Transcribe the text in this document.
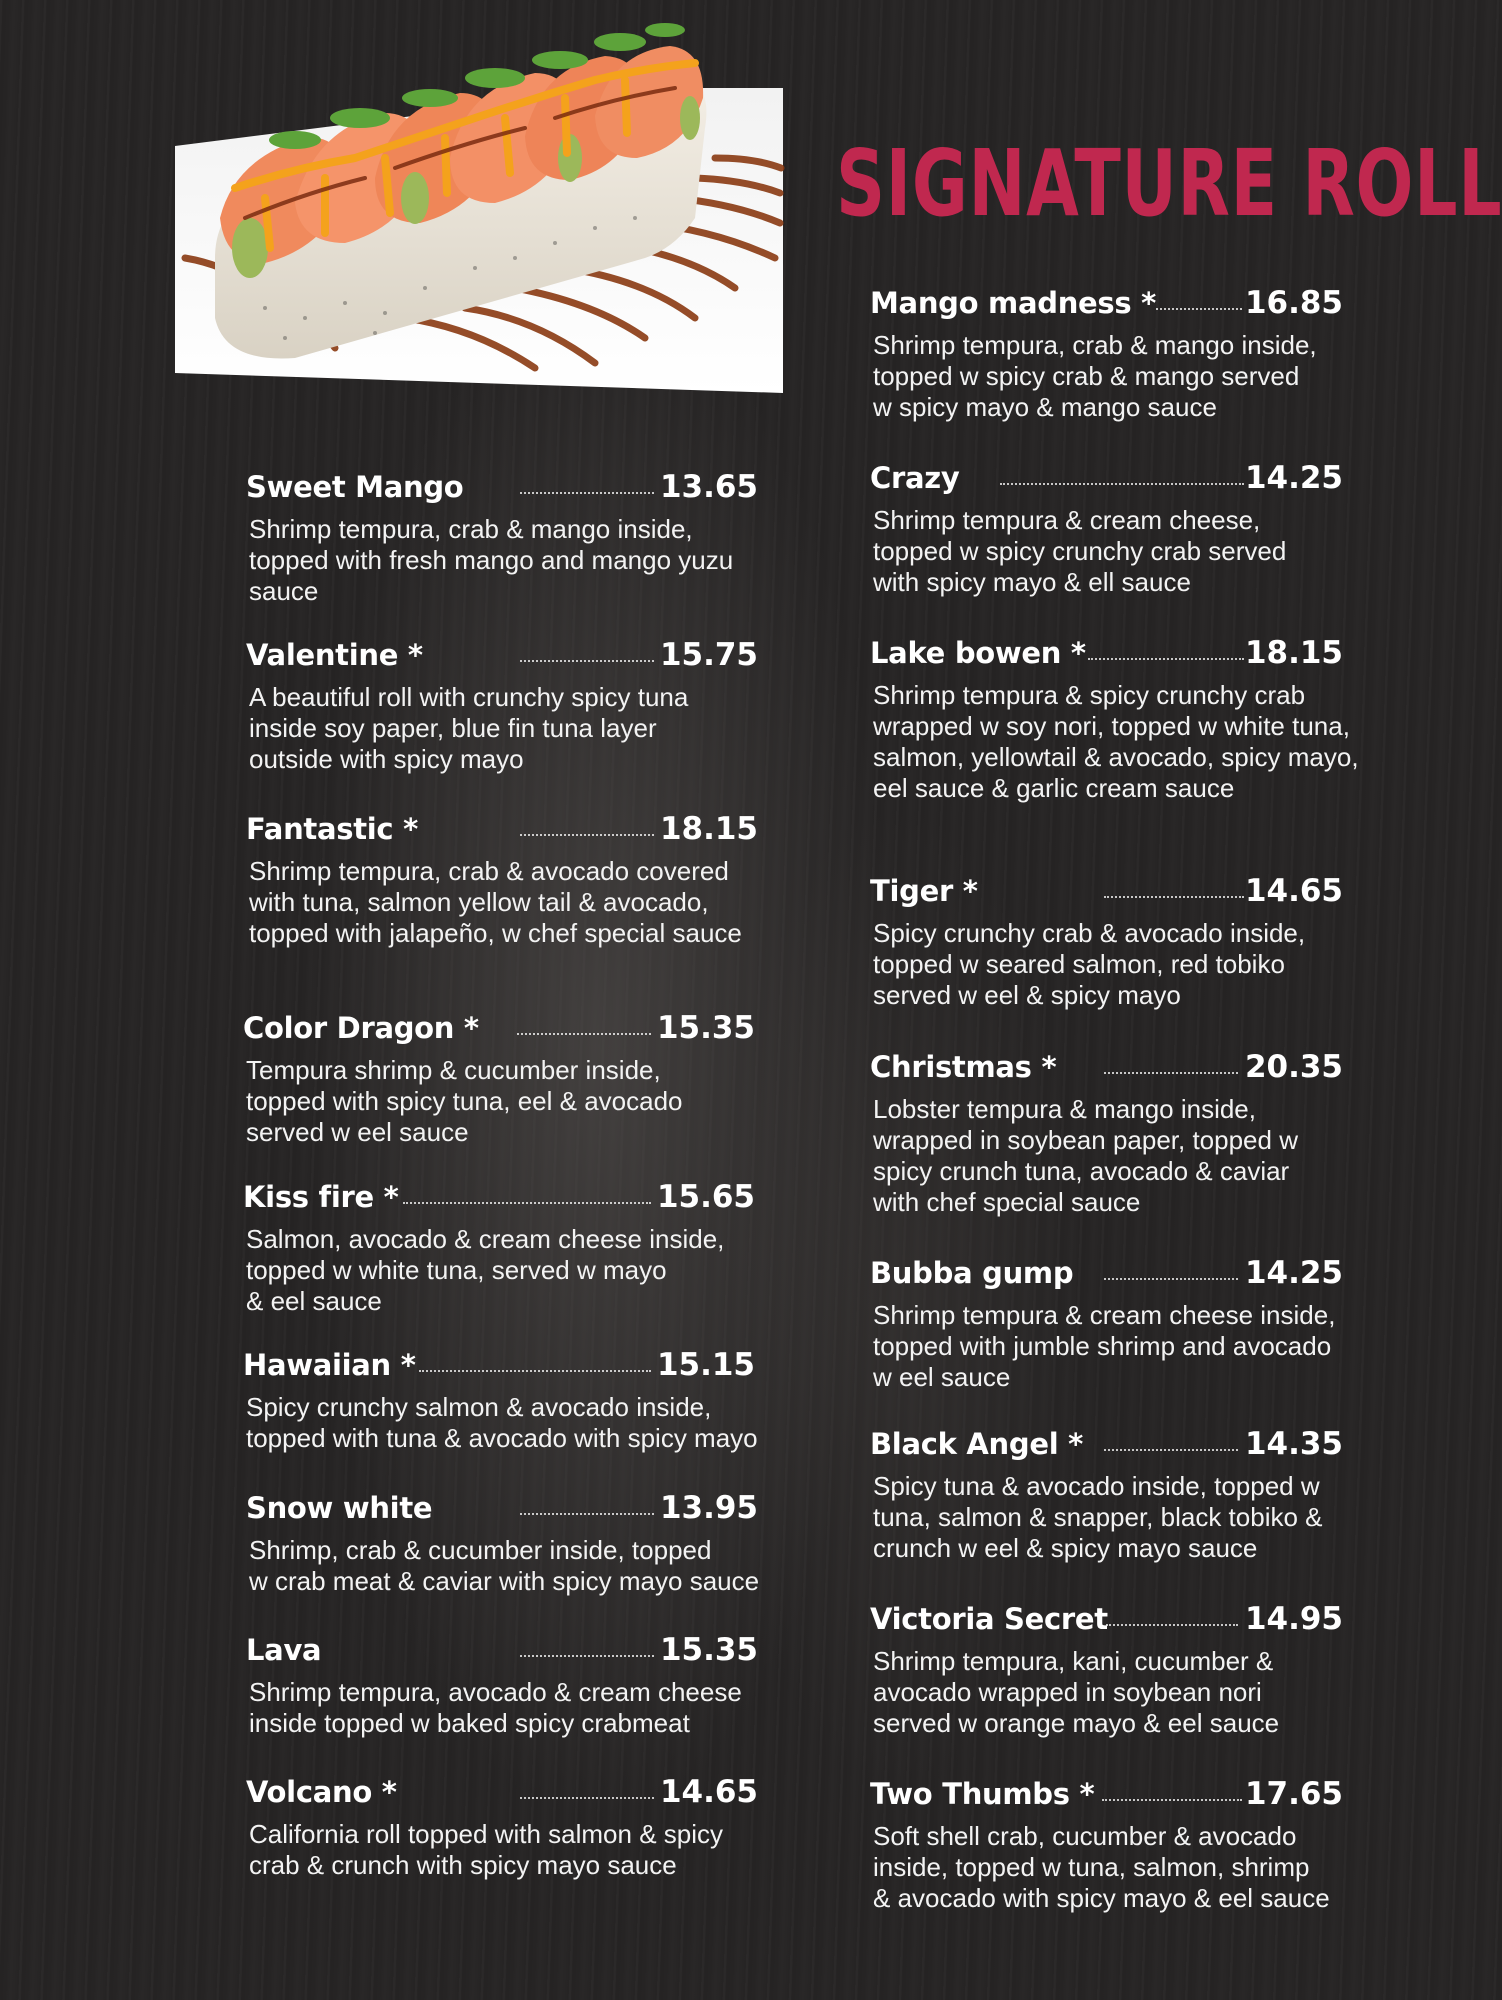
SIGNATURE ROLL
Sweet Mango	13.65
Shrimp tempura, crab & mango inside,
topped with fresh mango and mango yuzu
sauce
Valentine *	15.75
A beautiful roll with crunchy spicy tuna
inside soy paper, blue fin tuna layer
outside with spicy mayo
Fantastic *	18.15
Shrimp tempura, crab & avocado covered
with tuna, salmon yellow tail & avocado,
topped with jalapeño, w chef special sauce
Color Dragon *	15.35
Tempura shrimp & cucumber inside,
topped with spicy tuna, eel & avocado
served w eel sauce
Kiss fire *	15.65
Salmon, avocado & cream cheese inside,
topped w white tuna, served w mayo
& eel sauce
Hawaiian *	15.15
Spicy crunchy salmon & avocado inside,
topped with tuna & avocado with spicy mayo
Snow white	13.95
Shrimp, crab & cucumber inside, topped
w crab meat & caviar with spicy mayo sauce
Lava	15.35
Shrimp tempura, avocado & cream cheese
inside topped w baked spicy crabmeat
Volcano *	14.65
California roll topped with salmon & spicy
crab & crunch with spicy mayo sauce
Mango madness *	16.85
Shrimp tempura, crab & mango inside,
topped w spicy crab & mango served
w spicy mayo & mango sauce
Crazy	14.25
Shrimp tempura & cream cheese,
topped w spicy crunchy crab served
with spicy mayo & ell sauce
Lake bowen *	18.15
Shrimp tempura & spicy crunchy crab
wrapped w soy nori, topped w white tuna,
salmon, yellowtail & avocado, spicy mayo,
eel sauce & garlic cream sauce
Tiger *	14.65
Spicy crunchy crab & avocado inside,
topped w seared salmon, red tobiko
served w eel & spicy mayo
Christmas *	20.35
Lobster tempura & mango inside,
wrapped in soybean paper, topped w
spicy crunch tuna, avocado & caviar
with chef special sauce
Bubba gump	14.25
Shrimp tempura & cream cheese inside,
topped with jumble shrimp and avocado
w eel sauce
Black Angel *	14.35
Spicy tuna & avocado inside, topped w
tuna, salmon & snapper, black tobiko &
crunch w eel & spicy mayo sauce
Victoria Secret	14.95
Shrimp tempura, kani, cucumber &
avocado wrapped in soybean nori
served w orange mayo & eel sauce
Two Thumbs *	17.65
Soft shell crab, cucumber & avocado
inside, topped w tuna, salmon, shrimp
& avocado with spicy mayo & eel sauce
